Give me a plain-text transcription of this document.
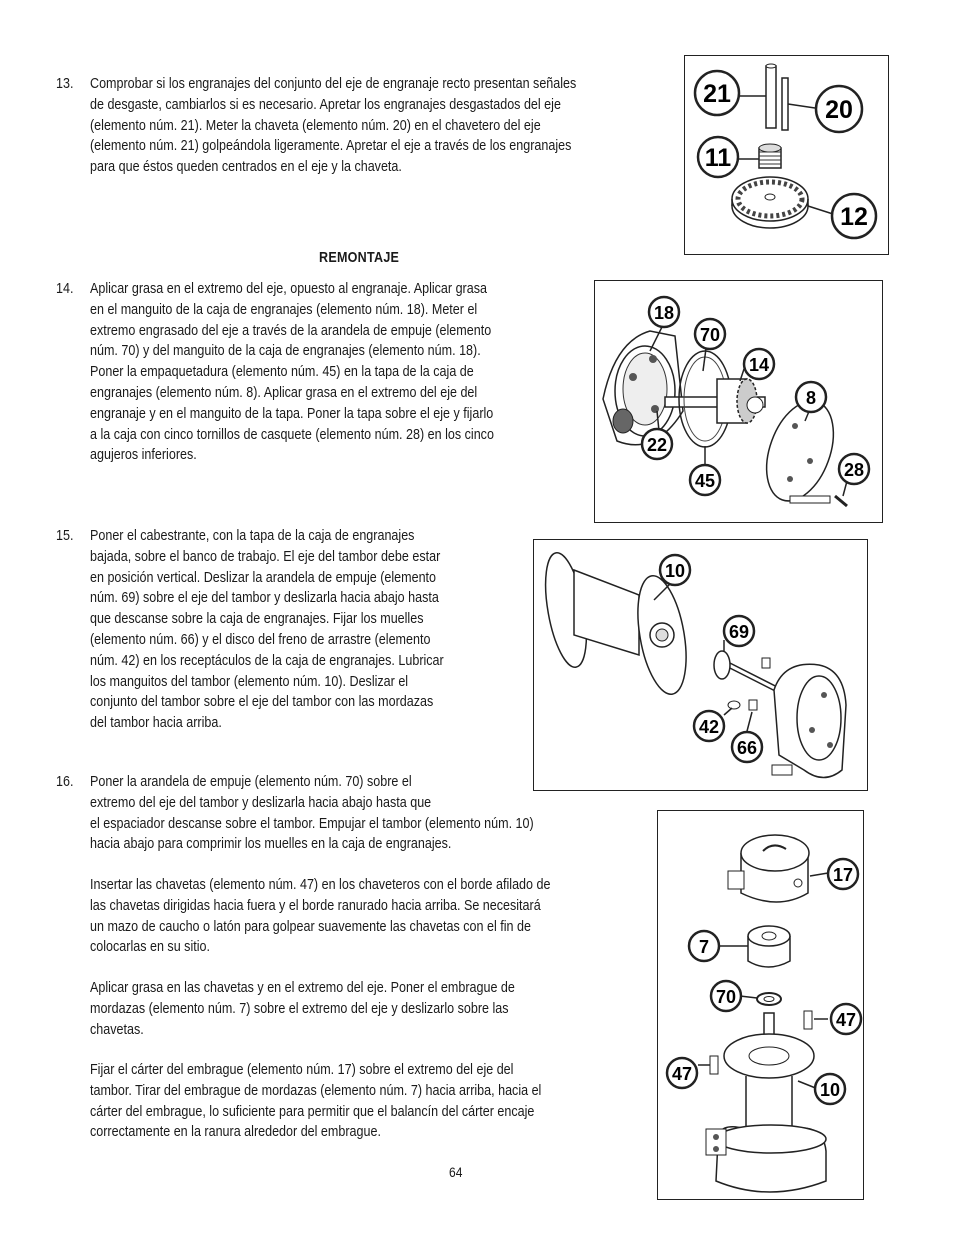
13. Comprobar si los engranajes del conjunto del eje de engranaje recto presentan señales
de desgaste, cambiarlos si es necesario. Apretar los engranajes desgastados del eje
(elemento núm. 21). Meter la chaveta (elemento núm. 20) en el chavetero del eje
(elemento núm. 21) golpeándola ligeramente. Apretar el eje a través de los engranajes
para que éstos queden centrados en el eje y la chaveta.
21
20
11
12
REMONTAJE
14. Aplicar grasa en el extremo del eje, opuesto al engranaje. Aplicar grasa
en el manguito de la caja de engranajes (elemento núm. 18). Meter el
extremo engrasado del eje a través de la arandela de empuje (elemento
núm. 70) y del manguito de la caja de engranajes (elemento núm. 18).
Poner la empaquetadura (elemento núm. 45) en la tapa de la caja de
engranajes (elemento núm. 8). Aplicar grasa en el extremo del eje del
engranaje y en el manguito de la tapa. Poner la tapa sobre el eje y fijarlo
a la caja con cinco tornillos de casquete (elemento núm. 28) en los cinco
agujeros inferiores.
18
70
14
8
22
45
28
15. Poner el cabestrante, con la tapa de la caja de engranajes
bajada, sobre el banco de trabajo. El eje del tambor debe estar
en posición vertical. Deslizar la arandela de empuje (elemento
núm. 69) sobre el eje del tambor y deslizarla hacia abajo hasta
que descanse sobre la caja de engranajes. Fijar los muelles
(elemento núm. 66) y el disco del freno de arrastre (elemento
núm. 42) en los receptáculos de la caja de engranajes. Lubricar
los manguitos del tambor (elemento núm. 10). Deslizar el
conjunto del tambor sobre el eje del tambor con las mordazas
del tambor hacia arriba.
10
69
42
66
16. Poner la arandela de empuje (elemento núm. 70) sobre el
extremo del eje del tambor y deslizarla hacia abajo hasta que
el espaciador descanse sobre el tambor. Empujar el tambor (elemento núm. 10)
hacia abajo para comprimir los muelles en la caja de engranajes.
Insertar las chavetas (elemento núm. 47) en los chaveteros con el borde afilado de
las chavetas dirigidas hacia fuera y el borde ranurado hacia arriba. Se necesitará
un mazo de caucho o latón para golpear suavemente las chavetas con el fin de
colocarlas en su sitio.
Aplicar grasa en las chavetas y en el extremo del eje. Poner el embrague de
mordazas (elemento núm. 7) sobre el extremo del eje y deslizarlo sobre las
chavetas.
Fijar el cárter del embrague (elemento núm. 17) sobre el extremo del eje del
tambor. Tirar del embrague de mordazas (elemento núm. 7) hacia arriba, hacia el
cárter del embrague, lo suficiente para permitir que el balancín del cárter encaje
correctamente en la ranura alrededor del embrague.
17
7
70
47
47
10
64
